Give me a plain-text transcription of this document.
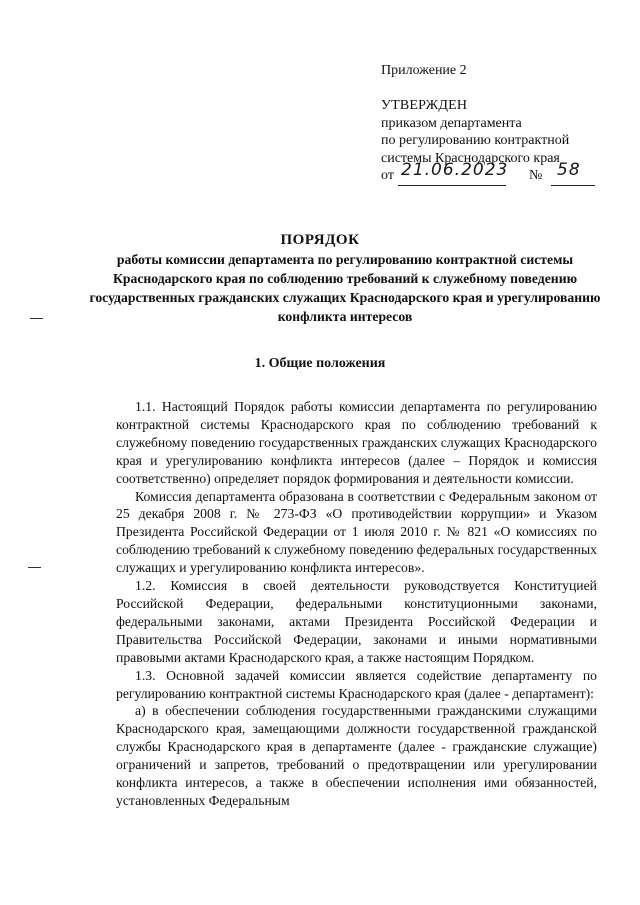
Приложение 2
УТВЕРЖДЕН
приказом департамента
по регулированию контрактной
системы Краснодарского края
от 21.06.2023 № 58
ПОРЯДОК
работы комиссии департамента по регулированию контрактной системы Краснодарского края по соблюдению требований к служебному поведению государственных гражданских служащих Краснодарского края и урегулированию конфликта интересов
1. Общие положения

1.1. Настоящий Порядок работы комиссии департамента по регулированию контрактной системы Краснодарского края по соблюдению требований к служебному поведению государственных гражданских служащих Краснодарского края и урегулированию конфликта интересов (далее – Порядок и комиссия соответственно) определяет порядок формирования и деятельности комиссии.

Комиссия департамента образована в соответствии с Федеральным законом от 25 декабря 2008 г. № 273-ФЗ «О противодействии коррупции» и Указом Президента Российской Федерации от 1 июля 2010 г. № 821 «О комиссиях по соблюдению требований к служебному поведению федеральных государственных служащих и урегулированию конфликта интересов».

1.2. Комиссия в своей деятельности руководствуется Конституцией Российской Федерации, федеральными конституционными законами, федеральными законами, актами Президента Российской Федерации и Правительства Российской Федерации, законами и иными нормативными правовыми актами Краснодарского края, а также настоящим Порядком.

1.3. Основной задачей комиссии является содействие департаменту по регулированию контрактной системы Краснодарского края (далее - департамент):

а) в обеспечении соблюдения государственными гражданскими служащими Краснодарского края, замещающими должности государственной гражданской службы Краснодарского края в департаменте (далее - гражданские служащие) ограничений и запретов, требований о предотвращении или урегулировании конфликта интересов, а также в обеспечении исполнения ими обязанностей, установленных Федеральным
